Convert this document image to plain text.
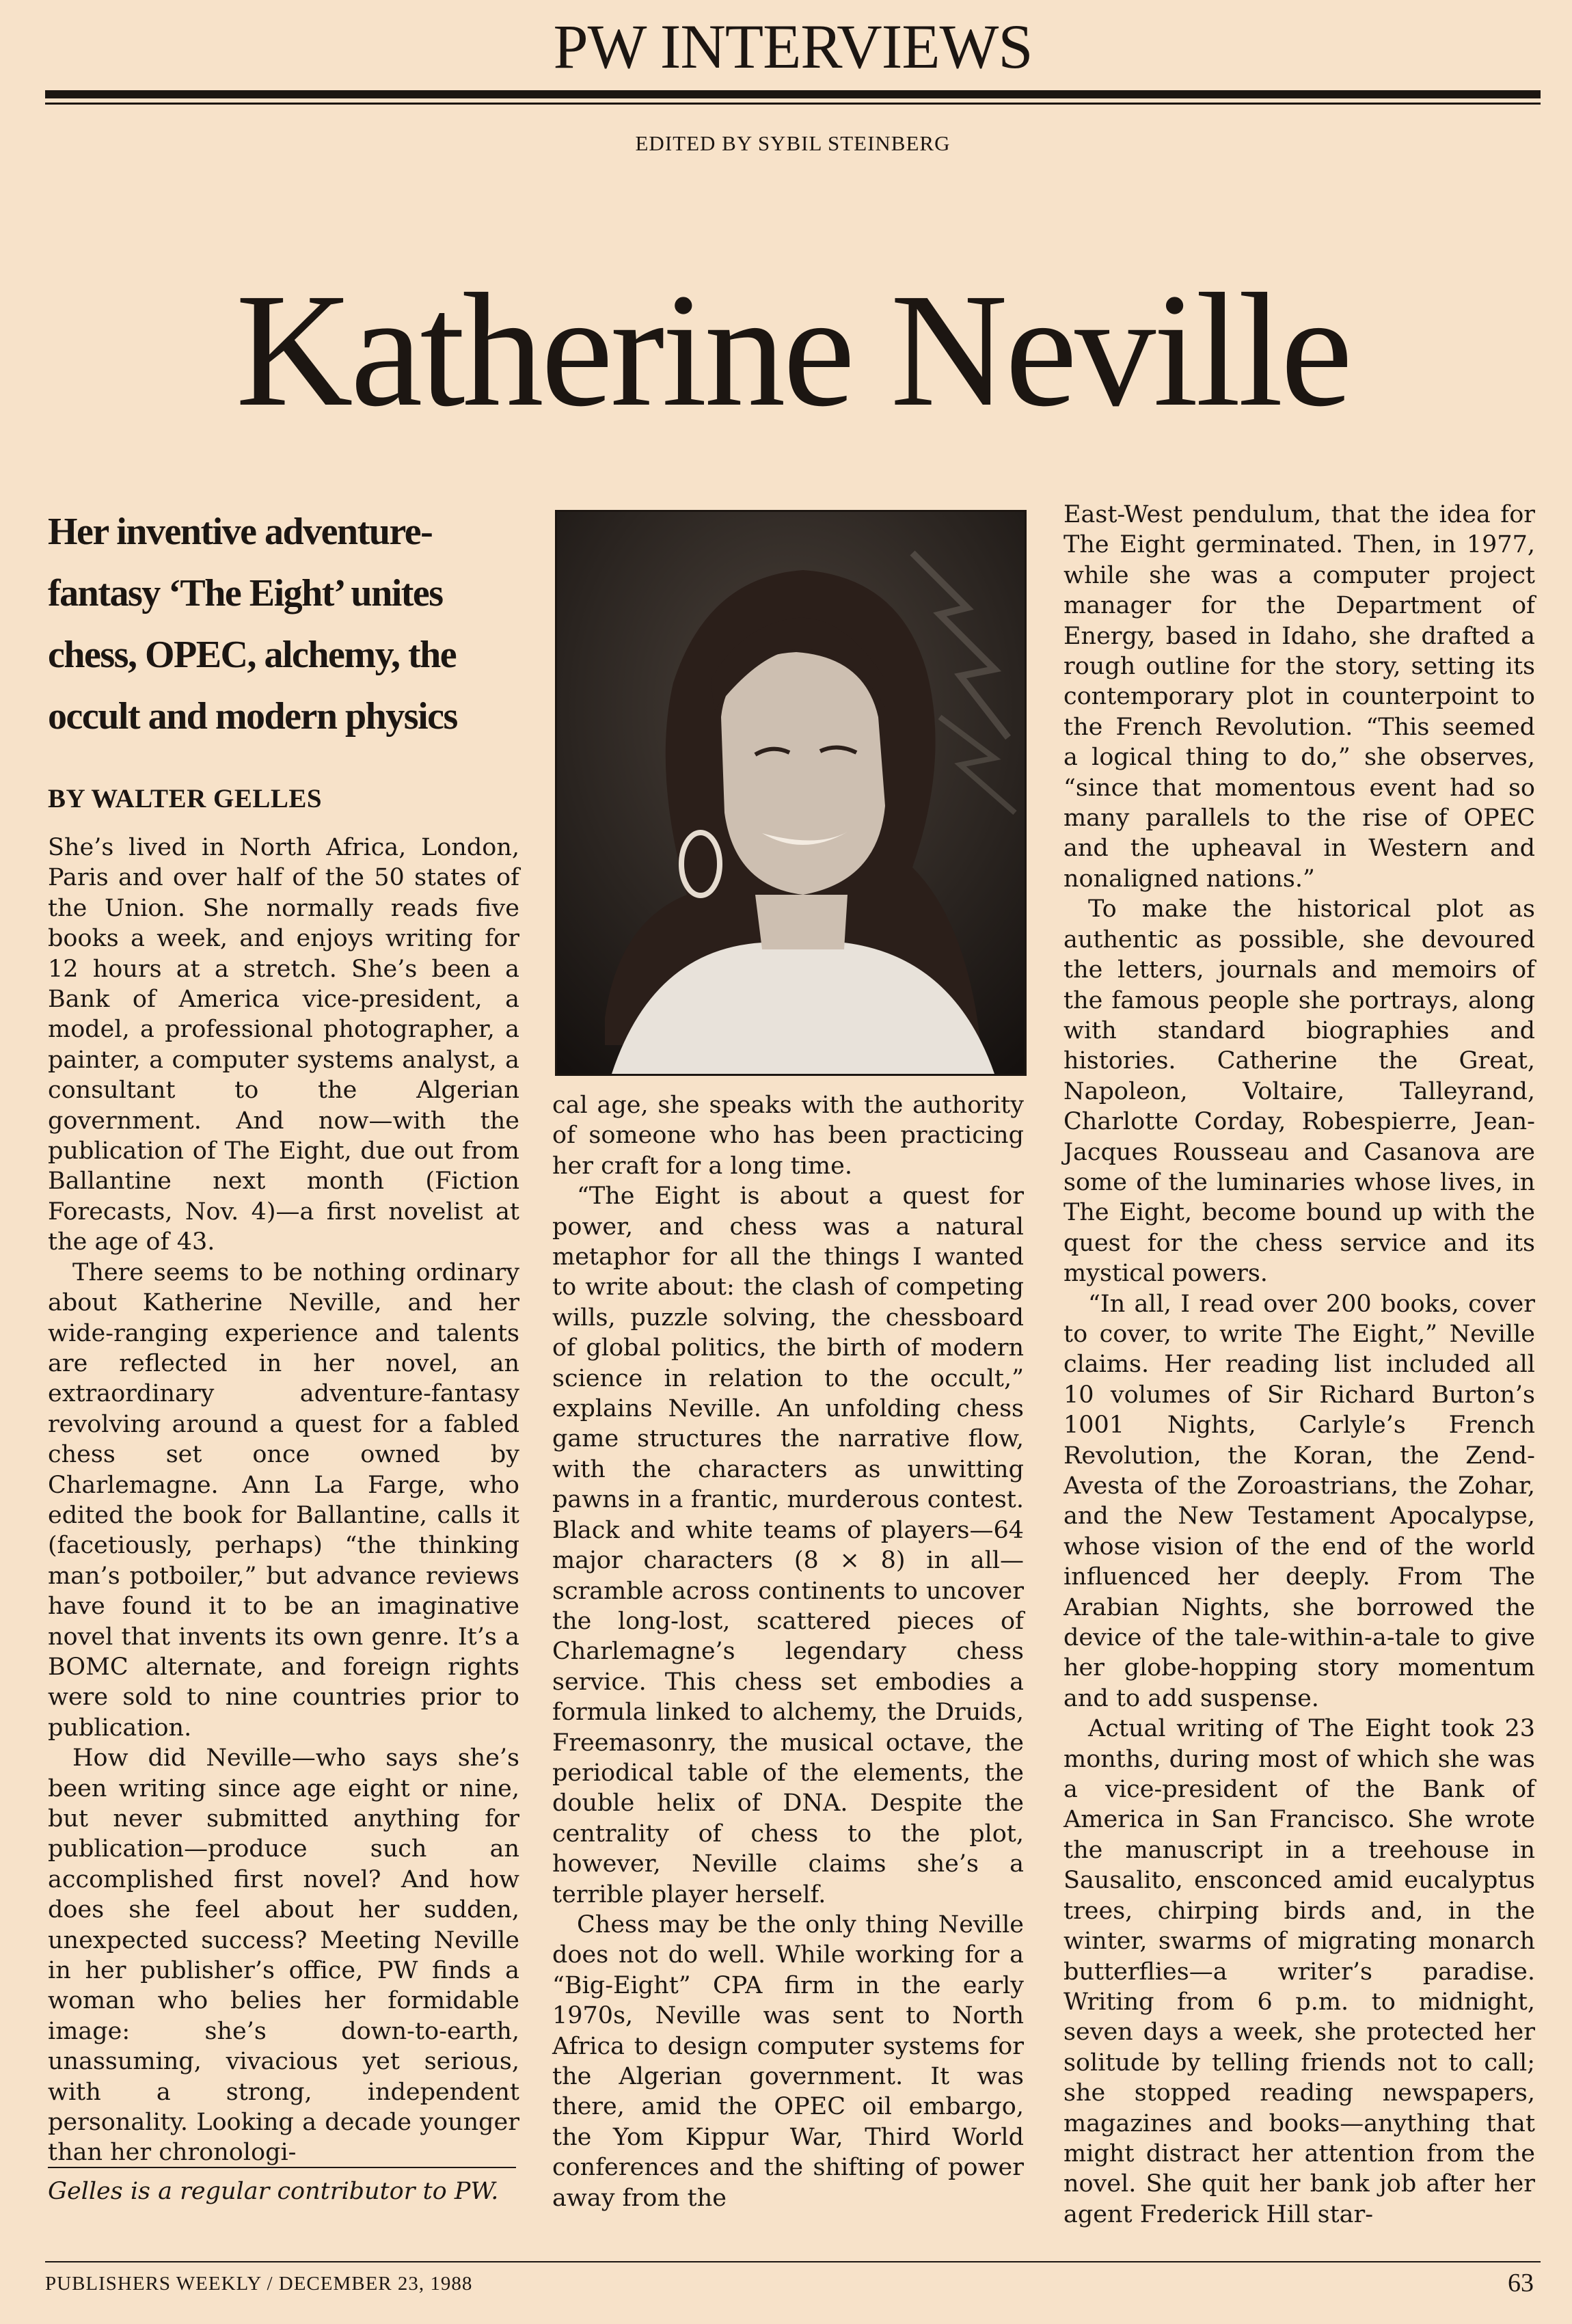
PW INTERVIEWS
EDITED BY SYBIL STEINBERG
Katherine Neville
Her inventive adventure-fantasy ‘The Eight’ unites chess, OPEC, alchemy, the occult and modern physics
BY WALTER GELLES

She’s lived in North Africa, London, Paris and over half of the 50 states of the Union. She normally reads five books a week, and enjoys writing for 12 hours at a stretch. She’s been a Bank of America vice-president, a model, a professional photographer, a painter, a computer systems analyst, a consultant to the Algerian government. And now—with the publication of The Eight, due out from Ballantine next month (Fiction Forecasts, Nov. 4)—a first novelist at the age of 43.

There seems to be nothing ordinary about Katherine Neville, and her wide-ranging experience and talents are reflected in her novel, an extraordinary adventure-fantasy revolving around a quest for a fabled chess set once owned by Charlemagne. Ann La Farge, who edited the book for Ballantine, calls it (facetiously, perhaps) “the thinking man’s potboiler,” but advance reviews have found it to be an imaginative novel that invents its own genre. It’s a BOMC alternate, and foreign rights were sold to nine countries prior to publication.

How did Neville—who says she’s been writing since age eight or nine, but never submitted anything for publication—produce such an accomplished first novel? And how does she feel about her sudden, unexpected success? Meeting Neville in her publisher’s office, PW finds a woman who belies her formidable image: she’s down-to-earth, unassuming, vivacious yet serious, with a strong, independent personality. Looking a decade younger than her chronologi-

Gelles is a regular contributor to PW.

cal age, she speaks with the authority of someone who has been practicing her craft for a long time.

“The Eight is about a quest for power, and chess was a natural metaphor for all the things I wanted to write about: the clash of competing wills, puzzle solving, the chessboard of global politics, the birth of modern science in relation to the occult,” explains Neville. An unfolding chess game structures the narrative flow, with the characters as unwitting pawns in a frantic, murderous contest. Black and white teams of players—64 major characters (8 × 8) in all—scramble across continents to uncover the long-lost, scattered pieces of Charlemagne’s legendary chess service. This chess set embodies a formula linked to alchemy, the Druids, Freemasonry, the musical octave, the periodical table of the elements, the double helix of DNA. Despite the centrality of chess to the plot, however, Neville claims she’s a terrible player herself.

Chess may be the only thing Neville does not do well. While working for a “Big-Eight” CPA firm in the early 1970s, Neville was sent to North Africa to design computer systems for the Algerian government. It was there, amid the OPEC oil embargo, the Yom Kippur War, Third World conferences and the shifting of power away from the

East-West pendulum, that the idea for The Eight germinated. Then, in 1977, while she was a computer project manager for the Department of Energy, based in Idaho, she drafted a rough outline for the story, setting its contemporary plot in counterpoint to the French Revolution. “This seemed a logical thing to do,” she observes, “since that momentous event had so many parallels to the rise of OPEC and the upheaval in Western and nonaligned nations.”

To make the historical plot as authentic as possible, she devoured the letters, journals and memoirs of the famous people she portrays, along with standard biographies and histories. Catherine the Great, Napoleon, Voltaire, Talleyrand, Charlotte Corday, Robespierre, Jean-Jacques Rousseau and Casanova are some of the luminaries whose lives, in The Eight, become bound up with the quest for the chess service and its mystical powers.

“In all, I read over 200 books, cover to cover, to write The Eight,” Neville claims. Her reading list included all 10 volumes of Sir Richard Burton’s 1001 Nights, Carlyle’s French Revolution, the Koran, the Zend-Avesta of the Zoroastrians, the Zohar, and the New Testament Apocalypse, whose vision of the end of the world influenced her deeply. From The Arabian Nights, she borrowed the device of the tale-within-a-tale to give her globe-hopping story momentum and to add suspense.

Actual writing of The Eight took 23 months, during most of which she was a vice-president of the Bank of America in San Francisco. She wrote the manuscript in a treehouse in Sausalito, ensconced amid eucalyptus trees, chirping birds and, in the winter, swarms of migrating monarch butterflies—a writer’s paradise. Writing from 6 p.m. to midnight, seven days a week, she protected her solitude by telling friends not to call; she stopped reading newspapers, magazines and books—anything that might distract her attention from the novel. She quit her bank job after her agent Frederick Hill star-

PUBLISHERS WEEKLY / DECEMBER 23, 1988	63
